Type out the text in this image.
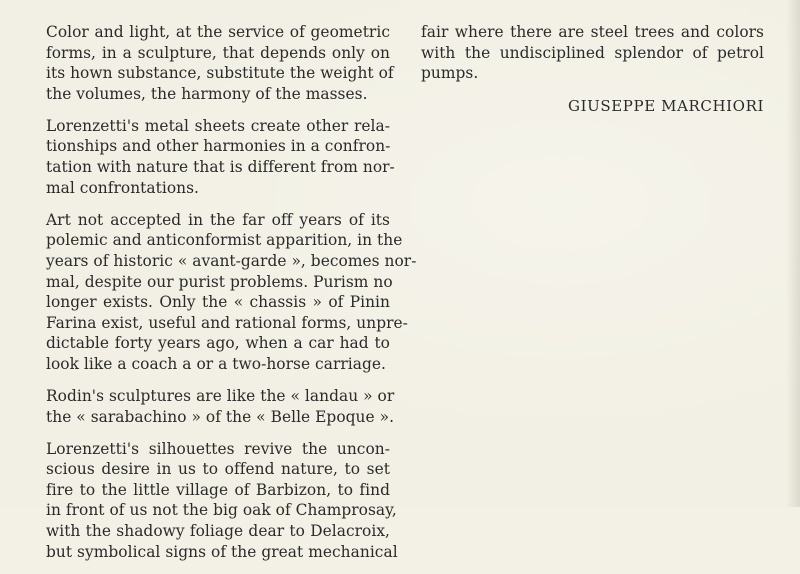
Color and light, at the service of geometric
forms, in a sculpture, that depends only on
its hown substance, substitute the weight of
the volumes, the harmony of the masses.
Lorenzetti's metal sheets create other rela-
tionships and other harmonies in a confron-
tation with nature that is different from nor-
mal confrontations.
Art not accepted in the far off years of its
polemic and anticonformist apparition, in the
years of historic « avant-garde », becomes nor-
mal, despite our purist problems. Purism no
longer exists. Only the « chassis » of Pinin
Farina exist, useful and rational forms, unpre-
dictable forty years ago, when a car had to
look like a coach a or a two-horse carriage.
Rodin's sculptures are like the « landau » or
the « sarabachino » of the « Belle Epoque ».
Lorenzetti's silhouettes revive the uncon-
scious desire in us to offend nature, to set
fire to the little village of Barbizon, to find
in front of us not the big oak of Champrosay,
with the shadowy foliage dear to Delacroix,
but symbolical signs of the great mechanical
fair where there are steel trees and colors
with the undisciplined splendor of petrol
pumps.
GIUSEPPE MARCHIORI
